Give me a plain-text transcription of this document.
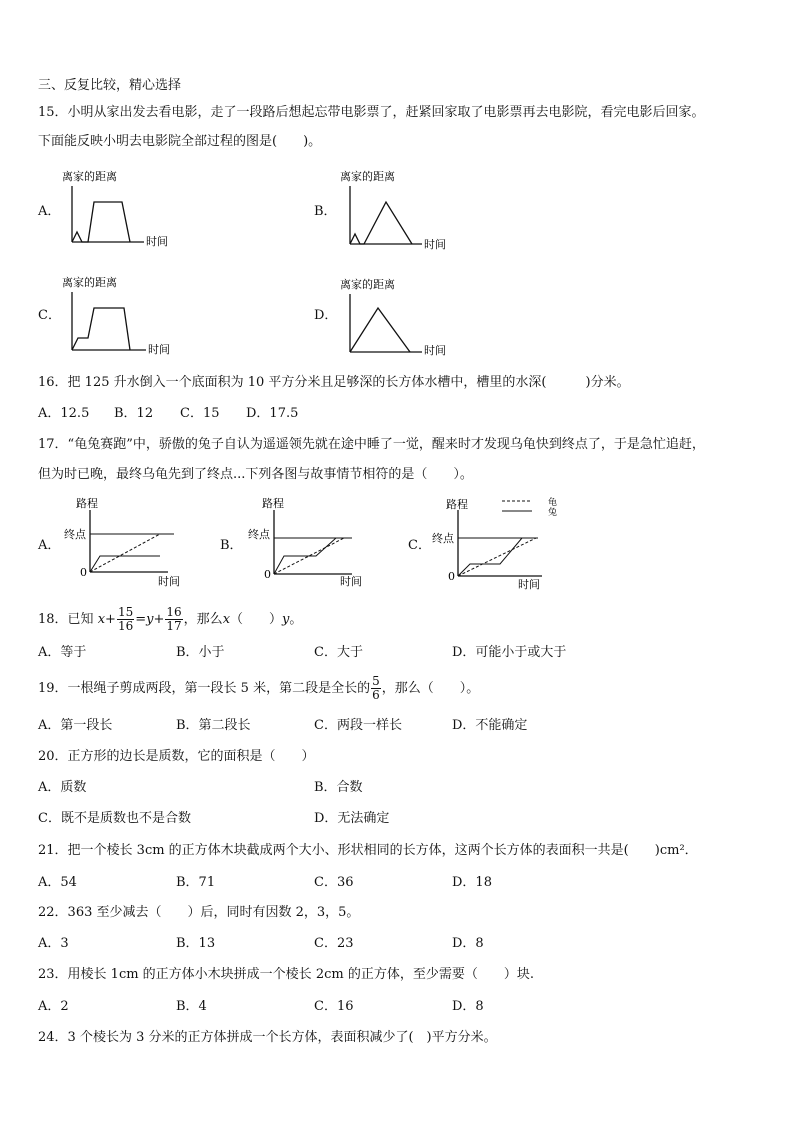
三、反复比较，精心选择
15．小明从家出发去看电影，走了一段路后想起忘带电影票了，赶紧回家取了电影票再去电影院，看完电影后回家。
下面能反映小明去电影院全部过程的图是(　　)。
A．
离家的距离
时间
B．
离家的距离
时间
C．
离家的距离
时间
D．
离家的距离
时间
16．把 125 升水倒入一个底面积为 10 平方分米且足够深的长方体水槽中，槽里的水深(　　　)分米。
A．12.5 B．12 C．15 D．17.5
17．“龟兔赛跑”中，骄傲的兔子自认为遥遥领先就在途中睡了一觉，醒来时才发现乌龟快到终点了，于是急忙追赶，
但为时已晚，最终乌龟先到了终点...下列各图与故事情节相符的是（　　）。
A．
路程
终点
0
时间
B．
路程
终点
0
时间
C．
路程	龟
兔
终点
0
时间
18．已知 $x+ \frac{15}{16} =y+ \frac{16}{17}$ ，那么x（　　）y。
A．等于	B．小于	C．大于	D．可能小于或大于
19．一根绳子剪成两段，第一段长 5 米，第二段是全长的 $\frac{5}{6}$ ，那么（　　）。
A．第一段长	B．第二段长	C．两段一样长	D．不能确定
20．正方形的边长是质数，它的面积是（　　）
A．质数	B．合数
C．既不是质数也不是合数	D．无法确定
21．把一个棱长 3cm 的正方体木块截成两个大小、形状相同的长方体，这两个长方体的表面积一共是(　　)cm²．
A．54	B．71	C．36	D．18
22．363 至少减去（　　）后，同时有因数 2，3，5。
A．3	B．13	C．23	D．8
23．用棱长 1cm 的正方体小木块拼成一个棱长 2cm 的正方体，至少需要（　　）块.
A．2	B．4	C．16	D．8
24．3 个棱长为 3 分米的正方体拼成一个长方体，表面积减少了(　)平方分米。
